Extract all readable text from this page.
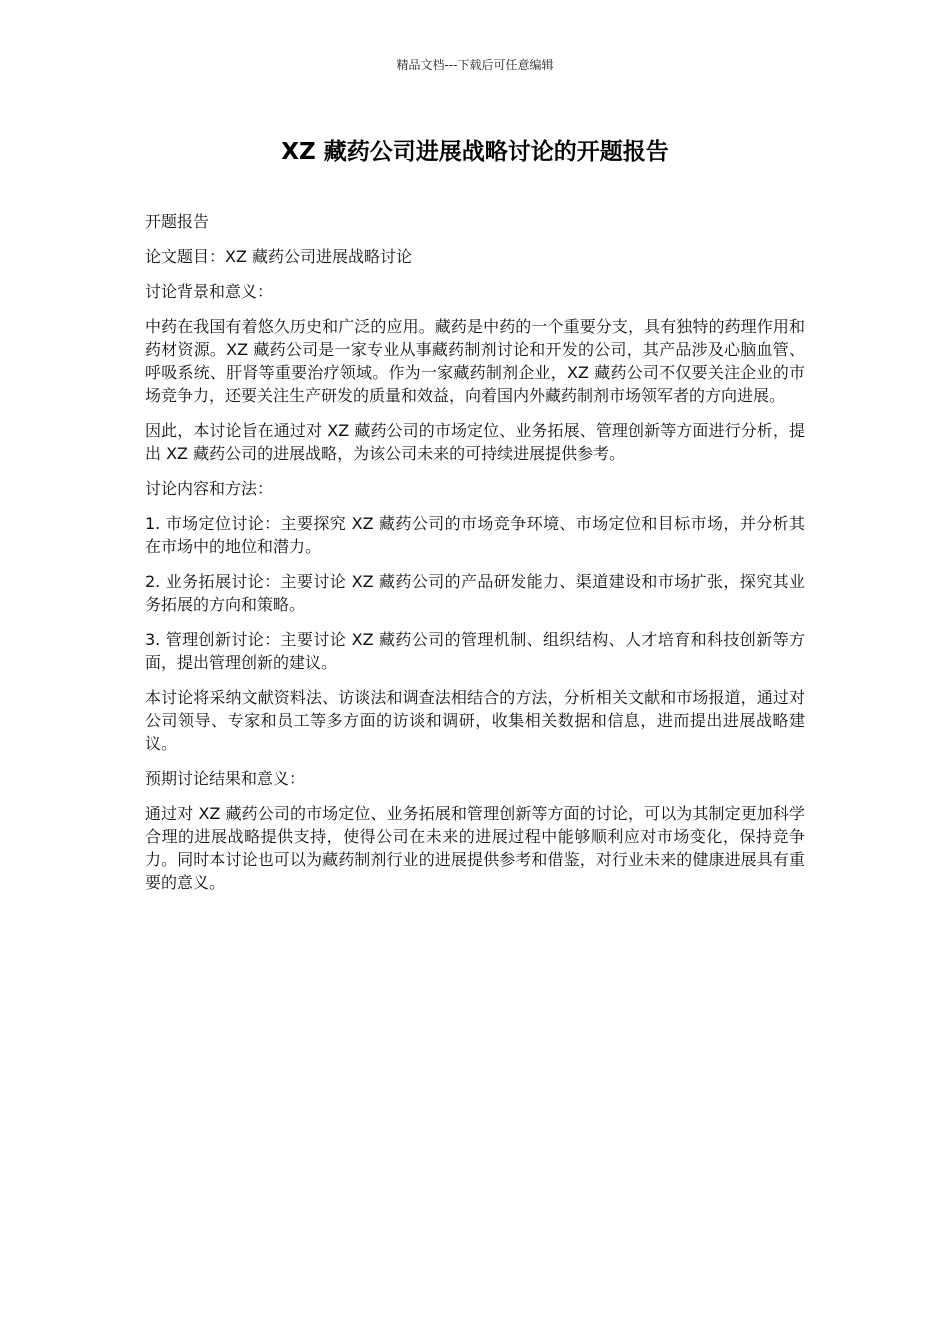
精品文档---下载后可任意编辑
XZ 藏药公司进展战略讨论的开题报告

开题报告

论文题目：XZ 藏药公司进展战略讨论

讨论背景和意义：

中药在我国有着悠久历史和广泛的应用。藏药是中药的一个重要分支，具有独特的药理作用和药材资源。XZ 藏药公司是一家专业从事藏药制剂讨论和开发的公司，其产品涉及心脑血管、呼吸系统、肝肾等重要治疗领域。作为一家藏药制剂企业，XZ 藏药公司不仅要关注企业的市场竞争力，还要关注生产研发的质量和效益，向着国内外藏药制剂市场领军者的方向进展。

因此，本讨论旨在通过对 XZ 藏药公司的市场定位、业务拓展、管理创新等方面进行分析，提出 XZ 藏药公司的进展战略，为该公司未来的可持续进展提供参考。

讨论内容和方法：

1. 市场定位讨论：主要探究 XZ 藏药公司的市场竞争环境、市场定位和目标市场，并分析其在市场中的地位和潜力。

2. 业务拓展讨论：主要讨论 XZ 藏药公司的产品研发能力、渠道建设和市场扩张，探究其业务拓展的方向和策略。

3. 管理创新讨论：主要讨论 XZ 藏药公司的管理机制、组织结构、人才培育和科技创新等方面，提出管理创新的建议。

本讨论将采纳文献资料法、访谈法和调查法相结合的方法，分析相关文献和市场报道，通过对公司领导、专家和员工等多方面的访谈和调研，收集相关数据和信息，进而提出进展战略建议。

预期讨论结果和意义：

通过对 XZ 藏药公司的市场定位、业务拓展和管理创新等方面的讨论，可以为其制定更加科学合理的进展战略提供支持，使得公司在未来的进展过程中能够顺利应对市场变化，保持竞争力。同时本讨论也可以为藏药制剂行业的进展提供参考和借鉴，对行业未来的健康进展具有重要的意义。
